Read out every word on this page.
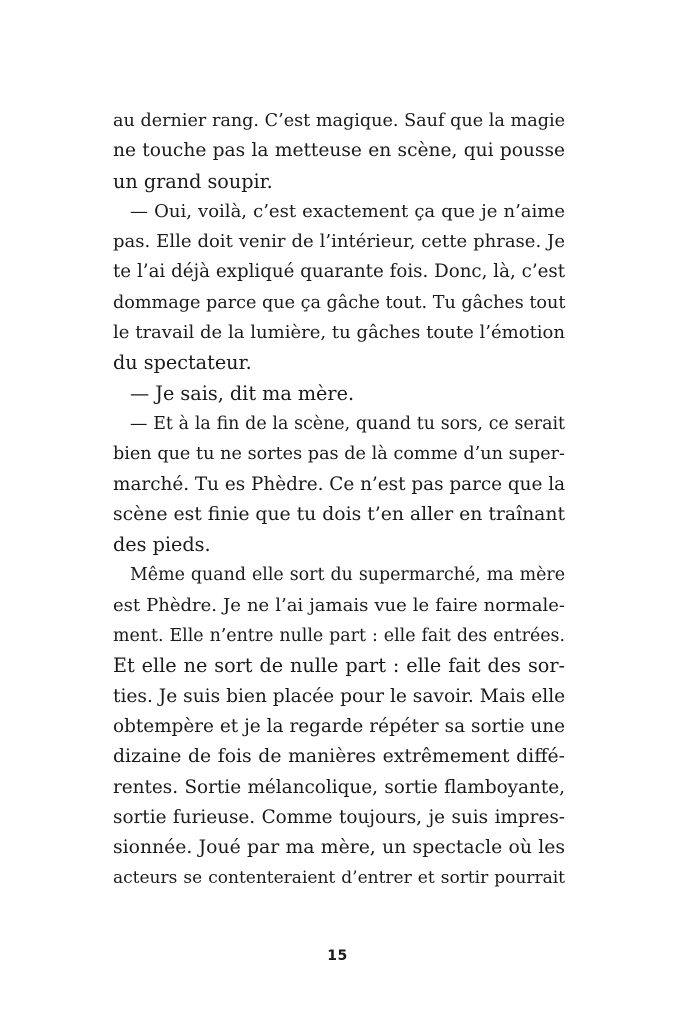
au dernier rang. C’est magique. Sauf que la magie
ne touche pas la metteuse en scène, qui pousse
un grand soupir.
— Oui, voilà, c’est exactement ça que je n’aime
pas. Elle doit venir de l’intérieur, cette phrase. Je
te l’ai déjà expliqué quarante fois. Donc, là, c’est
dommage parce que ça gâche tout. Tu gâches tout
le travail de la lumière, tu gâches toute l’émotion
du spectateur.
— Je sais, dit ma mère.
— Et à la fin de la scène, quand tu sors, ce serait
bien que tu ne sortes pas de là comme d’un super-
marché. Tu es Phèdre. Ce n’est pas parce que la
scène est finie que tu dois t’en aller en traînant
des pieds.
Même quand elle sort du supermarché, ma mère
est Phèdre. Je ne l’ai jamais vue le faire normale-
ment. Elle n’entre nulle part : elle fait des entrées.
Et elle ne sort de nulle part : elle fait des sor-
ties. Je suis bien placée pour le savoir. Mais elle
obtempère et je la regarde répéter sa sortie une
dizaine de fois de manières extrêmement diffé-
rentes. Sortie mélancolique, sortie flamboyante,
sortie furieuse. Comme toujours, je suis impres-
sionnée. Joué par ma mère, un spectacle où les
acteurs se contenteraient d’entrer et sortir pourrait
15
